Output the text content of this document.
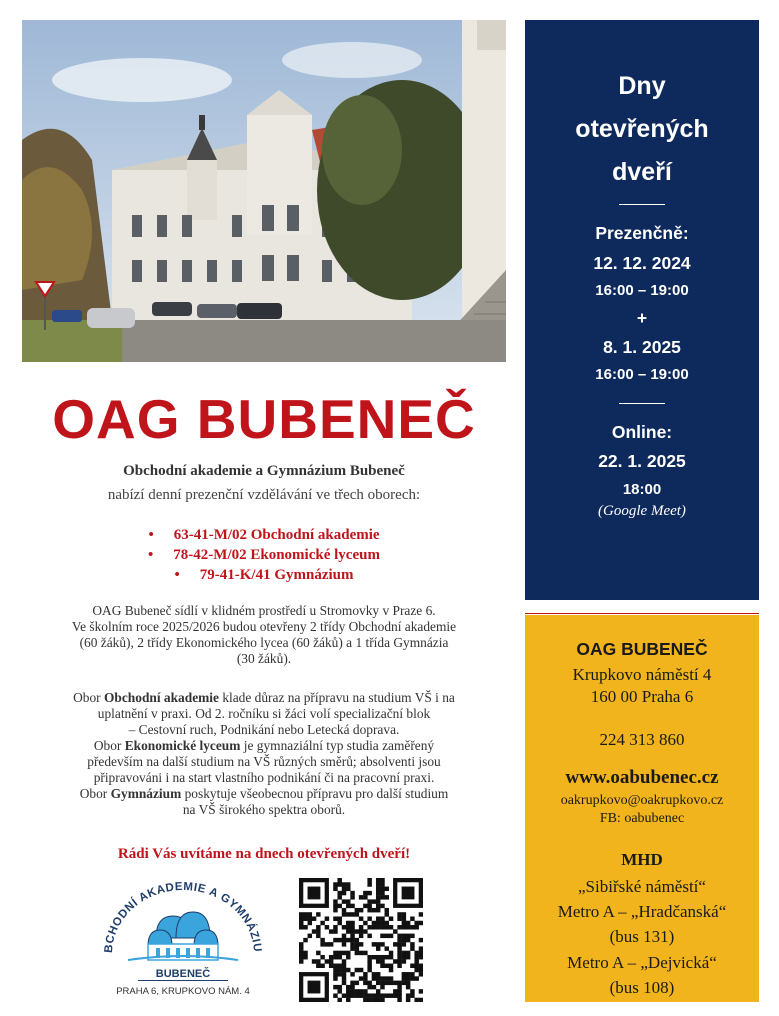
OAG BUBENEČ
Obchodní akademie a Gymnázium Bubeneč
nabízí denní prezenční vzdělávání ve třech oborech:
• 63-41-M/02 Obchodní akademie
• 78-42-M/02 Ekonomické lyceum
• 79-41-K/41 Gymnázium
OAG Bubeneč sídlí v klidném prostředí u Stromovky v Praze 6.
Ve školním roce 2025/2026 budou otevřeny 2 třídy Obchodní akademie
(60 žáků), 2 třídy Ekonomického lycea (60 žáků) a 1 třída Gymnázia
(30 žáků).
Obor Obchodní akademie klade důraz na přípravu na studium VŠ i na
uplatnění v praxi. Od 2. ročníku si žáci volí specializační blok
– Cestovní ruch, Podnikání nebo Letecká doprava.
Obor Ekonomické lyceum je gymnaziální typ studia zaměřený
především na další studium na VŠ různých směrů; absolventi jsou
připravováni i na start vlastního podnikání či na pracovní praxi.
Obor Gymnázium poskytuje všeobecnou přípravu pro další studium
na VŠ širokého spektra oborů.
Rádi Vás uvítáme na dnech otevřených dveří!
BCHODNÍ AKADEMIE A GYMNÁZIU
BUBENEČ
PRAHA 6, KRUPKOVO NÁM. 4
Dny
otevřených
dveří
Prezenčně:
12. 12. 2024
16:00 – 19:00
+
8. 1. 2025
16:00 – 19:00
Online:
22. 1. 2025
18:00
(Google Meet)
OAG BUBENEČ
Krupkovo náměstí 4
160 00 Praha 6
224 313 860
www.oabubenec.cz
oakrupkovo@oakrupkovo.cz
FB: oabubenec
MHD
„Sibiřské náměstí“
Metro A – „Hradčanská“
(bus 131)
Metro A – „Dejvická“
(bus 108)
